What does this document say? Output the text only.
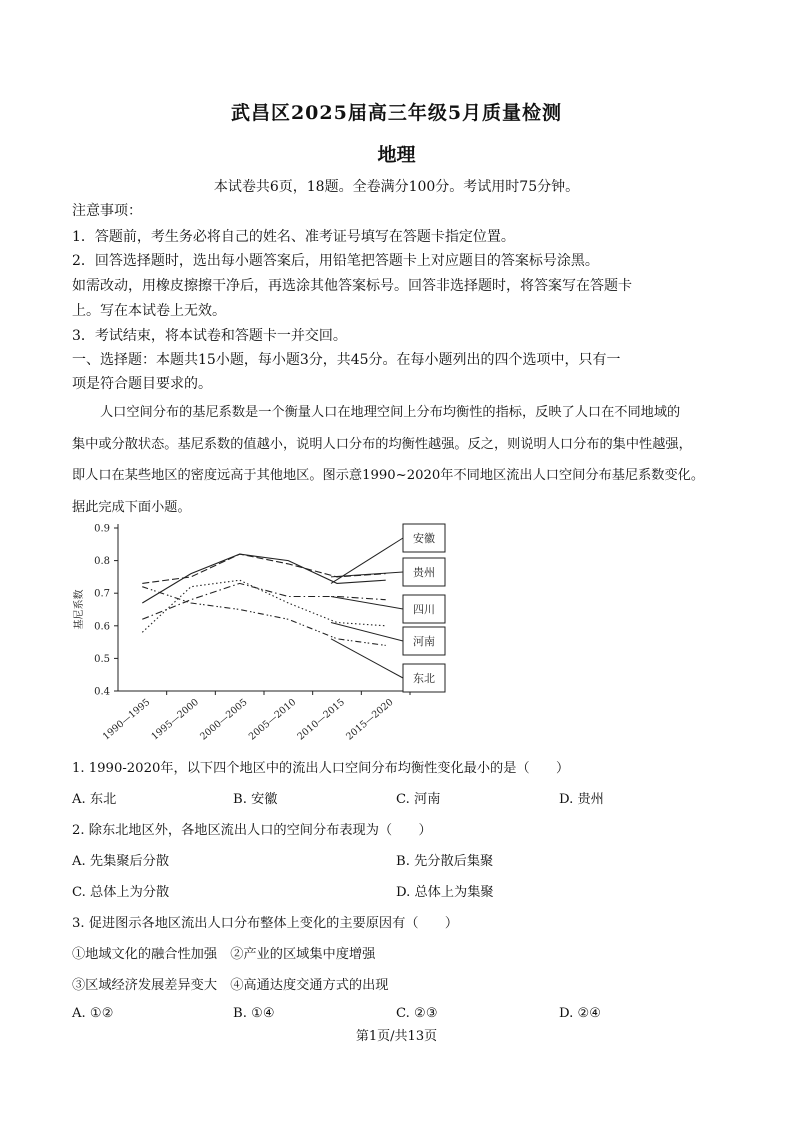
武昌区2025届高三年级5月质量检测
地理
本试卷共6页，18题。全卷满分100分。考试用时75分钟。
注意事项：
1．答题前，考生务必将自己的姓名、准考证号填写在答题卡指定位置。
2．回答选择题时，选出每小题答案后，用铅笔把答题卡上对应题目的答案标号涂黑。
如需改动，用橡皮擦擦干净后，再选涂其他答案标号。回答非选择题时，将答案写在答题卡
上。写在本试卷上无效。
3．考试结束，将本试卷和答题卡一并交回。
一、选择题：本题共15小题，每小题3分，共45分。在每小题列出的四个选项中，只有一
项是符合题目要求的。
人口空间分布的基尼系数是一个衡量人口在地理空间上分布均衡性的指标，反映了人口在不同地域的
集中或分散状态。基尼系数的值越小，说明人口分布的均衡性越强。反之，则说明人口分布的集中性越强，
即人口在某些地区的密度远高于其他地区。图示意1990~2020年不同地区流出人口空间分布基尼系数变化。
据此完成下面小题。
0.9
0.8
0.7
0.6
0.5
0.4
1990—1995
1995—2000
2000—2005
2005—2010
2010—2015
2015—2020
基尼系数
安徽
贵州
四川
河南
东北
1. 1990-2020年，以下四个地区中的流出人口空间分布均衡性变化最小的是（　　）
A. 东北	B. 安徽	C. 河南	D. 贵州
2. 除东北地区外，各地区流出人口的空间分布表现为（　　）
A. 先集聚后分散	B. 先分散后集聚
C. 总体上为分散	D. 总体上为集聚
3. 促进图示各地区流出人口分布整体上变化的主要原因有（　　）
①地域文化的融合性加强　②产业的区域集中度增强
③区域经济发展差异变大　④高通达度交通方式的出现
A. ①②	B. ①④	C. ②③	D. ②④
第1页/共13页
